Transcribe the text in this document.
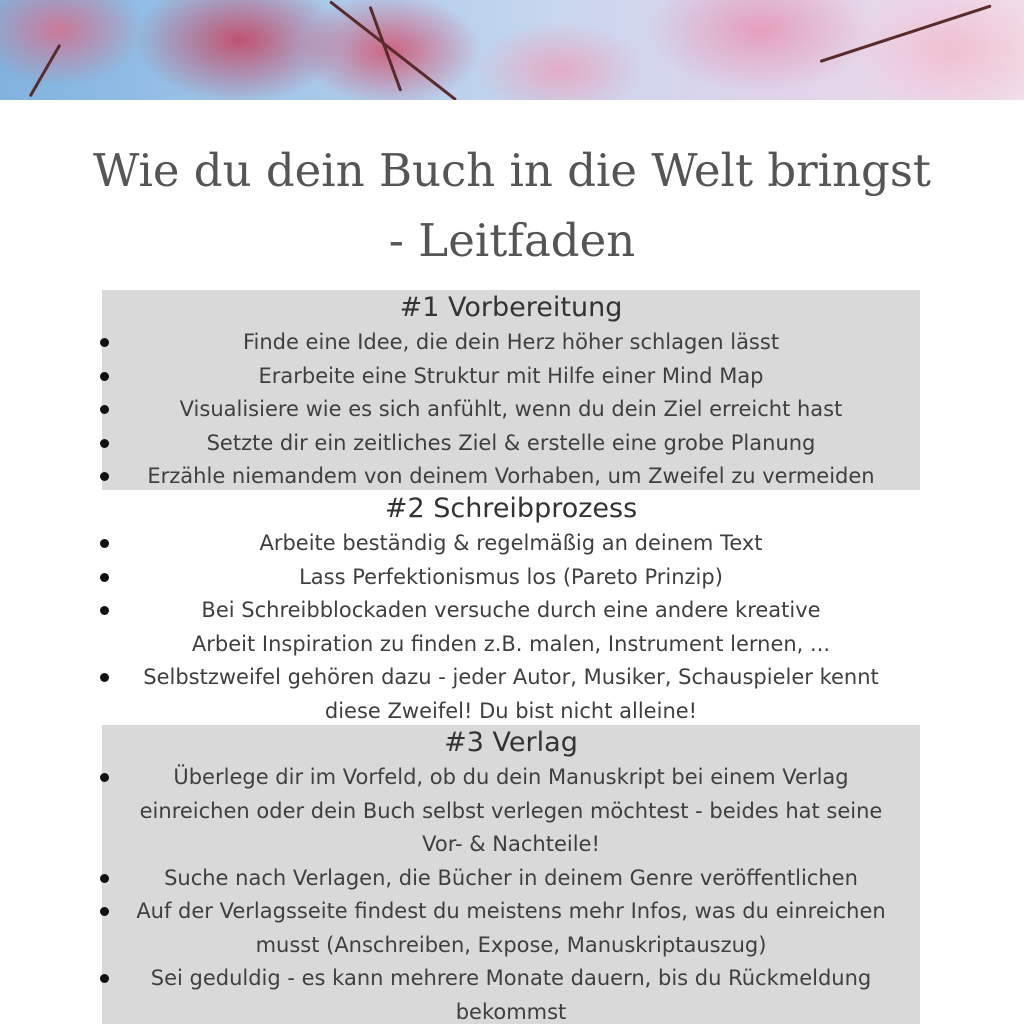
Wie du dein Buch in die Welt bringst
- Leitfaden
#1 Vorbereitung
Finde eine Idee, die dein Herz höher schlagen lässt
Erarbeite eine Struktur mit Hilfe einer Mind Map
Visualisiere wie es sich anfühlt, wenn du dein Ziel erreicht hast
Setzte dir ein zeitliches Ziel & erstelle eine grobe Planung
Erzähle niemandem von deinem Vorhaben, um Zweifel zu vermeiden
#2 Schreibprozess
Arbeite beständig & regelmäßig an deinem Text
Lass Perfektionismus los (Pareto Prinzip)
Bei Schreibblockaden versuche durch eine andere kreative Arbeit Inspiration zu finden z.B. malen, Instrument lernen, ...
Selbstzweifel gehören dazu - jeder Autor, Musiker, Schauspieler kennt diese Zweifel! Du bist nicht alleine!
#3 Verlag
Überlege dir im Vorfeld, ob du dein Manuskript bei einem Verlag einreichen oder dein Buch selbst verlegen möchtest - beides hat seine Vor- & Nachteile!
Suche nach Verlagen, die Bücher in deinem Genre veröffentlichen
Auf der Verlagsseite findest du meistens mehr Infos, was du einreichen musst (Anschreiben, Expose, Manuskriptauszug)
Sei geduldig - es kann mehrere Monate dauern, bis du Rückmeldung bekommst
